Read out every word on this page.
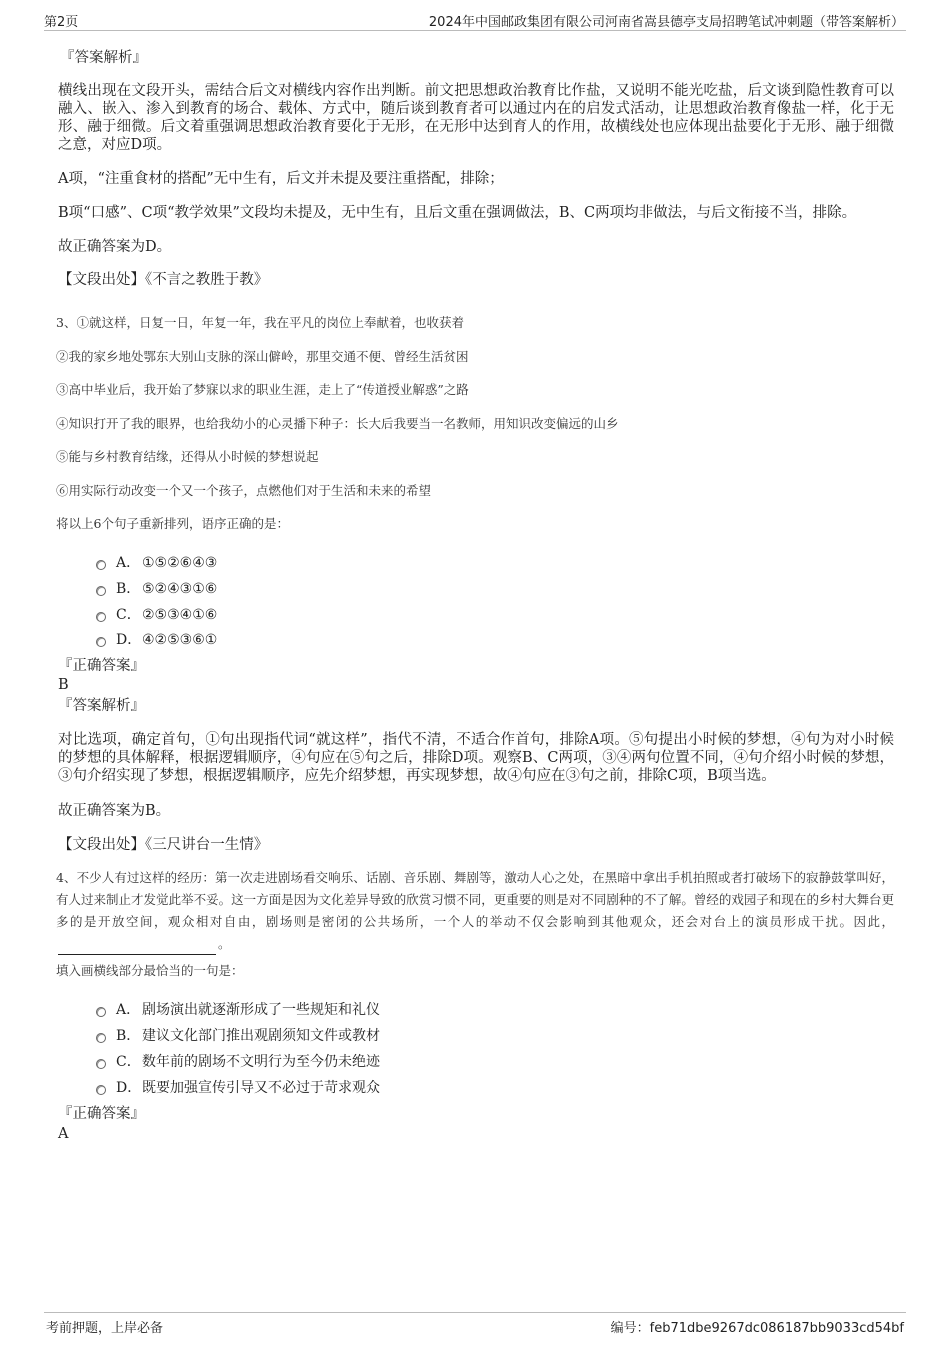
第2页	2024年中国邮政集团有限公司河南省嵩县德亭支局招聘笔试冲刺题（带答案解析）
『答案解析』
横线出现在文段开头，需结合后文对横线内容作出判断。前文把思想政治教育比作盐，又说明不能光吃盐，后文谈到隐性教育可以融入、嵌入、渗入到教育的场合、载体、方式中，随后谈到教育者可以通过内在的启发式活动，让思想政治教育像盐一样，化于无形、融于细微。后文着重强调思想政治教育要化于无形，在无形中达到育人的作用，故横线处也应体现出盐要化于无形、融于细微之意，对应D项。
A项，“注重食材的搭配”无中生有，后文并未提及要注重搭配，排除；
B项“口感”、C项“教学效果”文段均未提及，无中生有，且后文重在强调做法，B、C两项均非做法，与后文衔接不当，排除。
故正确答案为D。
【文段出处】《不言之教胜于教》
3、①就这样，日复一日，年复一年，我在平凡的岗位上奉献着，也收获着
②我的家乡地处鄂东大别山支脉的深山僻岭，那里交通不便、曾经生活贫困
③高中毕业后，我开始了梦寐以求的职业生涯，走上了“传道授业解惑”之路
④知识打开了我的眼界，也给我幼小的心灵播下种子：长大后我要当一名教师，用知识改变偏远的山乡
⑤能与乡村教育结缘，还得从小时候的梦想说起
⑥用实际行动改变一个又一个孩子，点燃他们对于生活和未来的希望
将以上6个句子重新排列，语序正确的是：
A． ①⑤②⑥④③
B． ⑤②④③①⑥
C．②⑤③④①⑥
D．④②⑤③⑥①
『正确答案』
B
『答案解析』
对比选项，确定首句，①句出现指代词“就这样”，指代不清，不适合作首句，排除A项。⑤句提出小时候的梦想，④句为对小时候的梦想的具体解释，根据逻辑顺序，④句应在⑤句之后，排除D项。观察B、C两项，③④两句位置不同，④句介绍小时候的梦想，③句介绍实现了梦想，根据逻辑顺序，应先介绍梦想，再实现梦想，故④句应在③句之前，排除C项，B项当选。
故正确答案为B。
【文段出处】《三尺讲台一生情》
4、不少人有过这样的经历：第一次走进剧场看交响乐、话剧、音乐剧、舞剧等，激动人心之处，在黑暗中拿出手机拍照或者打破场下的寂静鼓掌叫好，有人过来制止才发觉此举不妥。这一方面是因为文化差异导致的欣赏习惯不同，更重要的则是对不同剧种的不了解。曾经的戏园子和现在的乡村大舞台更多的是开放空间，观众相对自由，剧场则是密闭的公共场所，一个人的举动不仅会影响到其他观众，还会对台上的演员形成干扰。因此，。
填入画横线部分最恰当的一句是：
A． 剧场演出就逐渐形成了一些规矩和礼仪
B． 建议文化部门推出观剧须知文件或教材
C．数年前的剧场不文明行为至今仍未绝迹
D．既要加强宣传引导又不必过于苛求观众
『正确答案』
A
考前押题，上岸必备	编号：feb71dbe9267dc086187bb9033cd54bf
